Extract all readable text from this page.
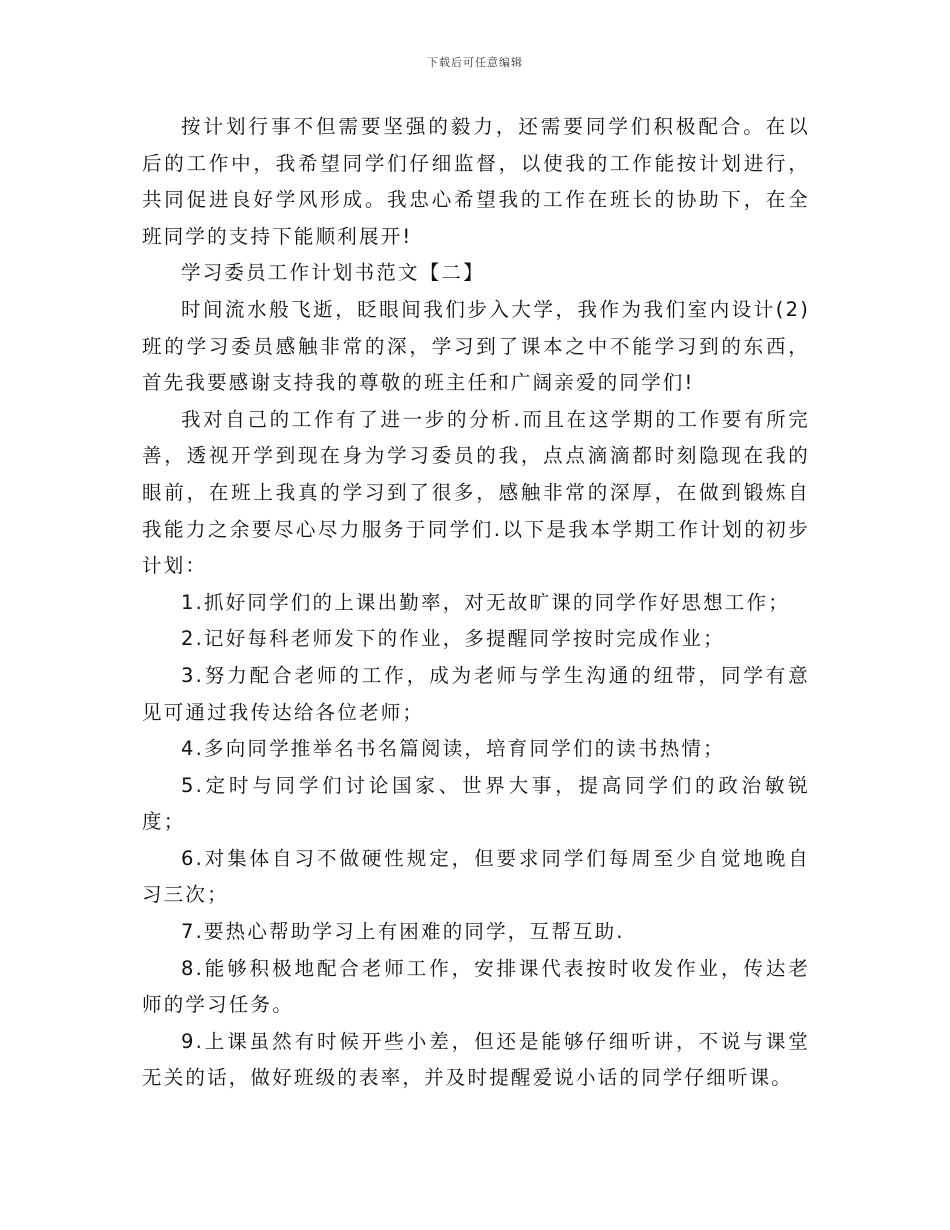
下载后可任意编辑

按计划行事不但需要坚强的毅力，还需要同学们积极配合。在以后的工作中，我希望同学们仔细监督，以使我的工作能按计划进行，共同促进良好学风形成。我忠心希望我的工作在班长的协助下，在全班同学的支持下能顺利展开!

学习委员工作计划书范文【二】

时间流水般飞逝，眨眼间我们步入大学，我作为我们室内设计(2)班的学习委员感触非常的深，学习到了课本之中不能学习到的东西，首先我要感谢支持我的尊敬的班主任和广阔亲爱的同学们!

我对自己的工作有了进一步的分析.而且在这学期的工作要有所完善，透视开学到现在身为学习委员的我，点点滴滴都时刻隐现在我的眼前，在班上我真的学习到了很多，感触非常的深厚，在做到锻炼自我能力之余要尽心尽力服务于同学们.以下是我本学期工作计划的初步计划：

1.抓好同学们的上课出勤率，对无故旷课的同学作好思想工作；

2.记好每科老师发下的作业，多提醒同学按时完成作业；

3.努力配合老师的工作，成为老师与学生沟通的纽带，同学有意见可通过我传达给各位老师；

4.多向同学推举名书名篇阅读，培育同学们的读书热情；

5.定时与同学们讨论国家、世界大事，提高同学们的政治敏锐度；

6.对集体自习不做硬性规定，但要求同学们每周至少自觉地晚自习三次；

7.要热心帮助学习上有困难的同学，互帮互助.

8.能够积极地配合老师工作，安排课代表按时收发作业，传达老师的学习任务。

9.上课虽然有时候开些小差，但还是能够仔细听讲，不说与课堂无关的话，做好班级的表率，并及时提醒爱说小话的同学仔细听课。
